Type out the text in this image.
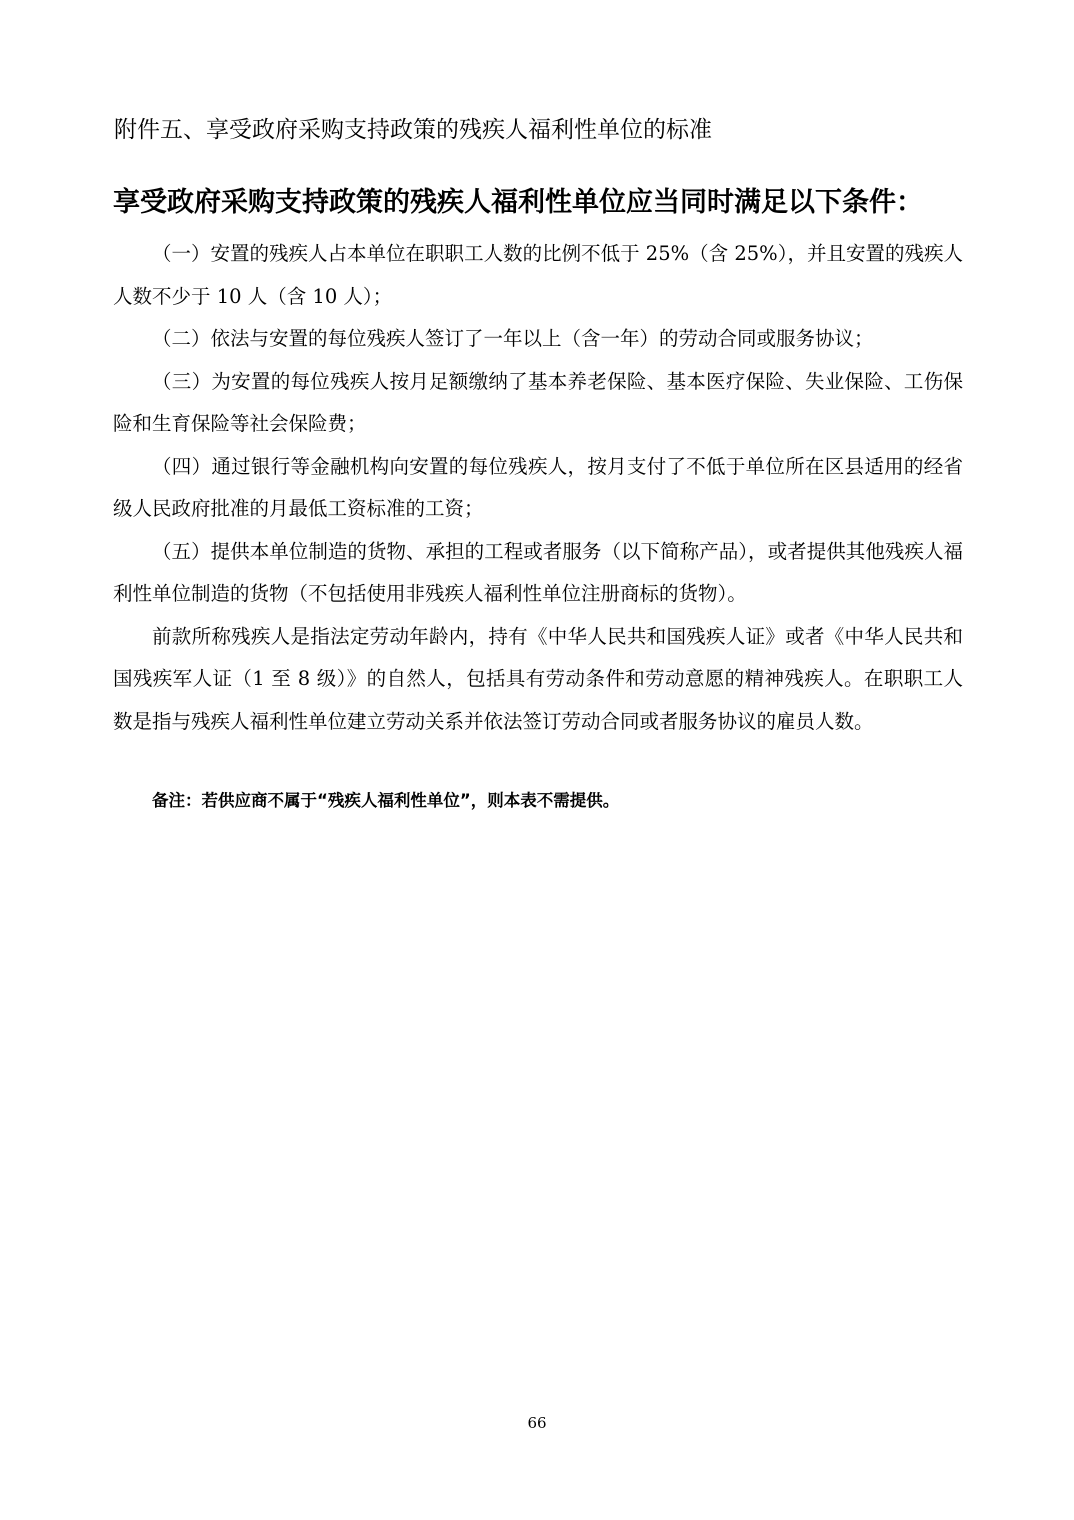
附件五、享受政府采购支持政策的残疾人福利性单位的标准
享受政府采购支持政策的残疾人福利性单位应当同时满足以下条件：

（一）安置的残疾人占本单位在职职工人数的比例不低于 25%（含 25%），并且安置的残疾人人数不少于 10 人（含 10 人）；

（二）依法与安置的每位残疾人签订了一年以上（含一年）的劳动合同或服务协议；

（三）为安置的每位残疾人按月足额缴纳了基本养老保险、基本医疗保险、失业保险、工伤保险和生育保险等社会保险费；

（四）通过银行等金融机构向安置的每位残疾人，按月支付了不低于单位所在区县适用的经省级人民政府批准的月最低工资标准的工资；

（五）提供本单位制造的货物、承担的工程或者服务（以下简称产品），或者提供其他残疾人福利性单位制造的货物（不包括使用非残疾人福利性单位注册商标的货物）。

前款所称残疾人是指法定劳动年龄内，持有《中华人民共和国残疾人证》或者《中华人民共和国残疾军人证（1 至 8 级）》的自然人，包括具有劳动条件和劳动意愿的精神残疾人。在职职工人数是指与残疾人福利性单位建立劳动关系并依法签订劳动合同或者服务协议的雇员人数。

备注：若供应商不属于“残疾人福利性单位”，则本表不需提供。
66
